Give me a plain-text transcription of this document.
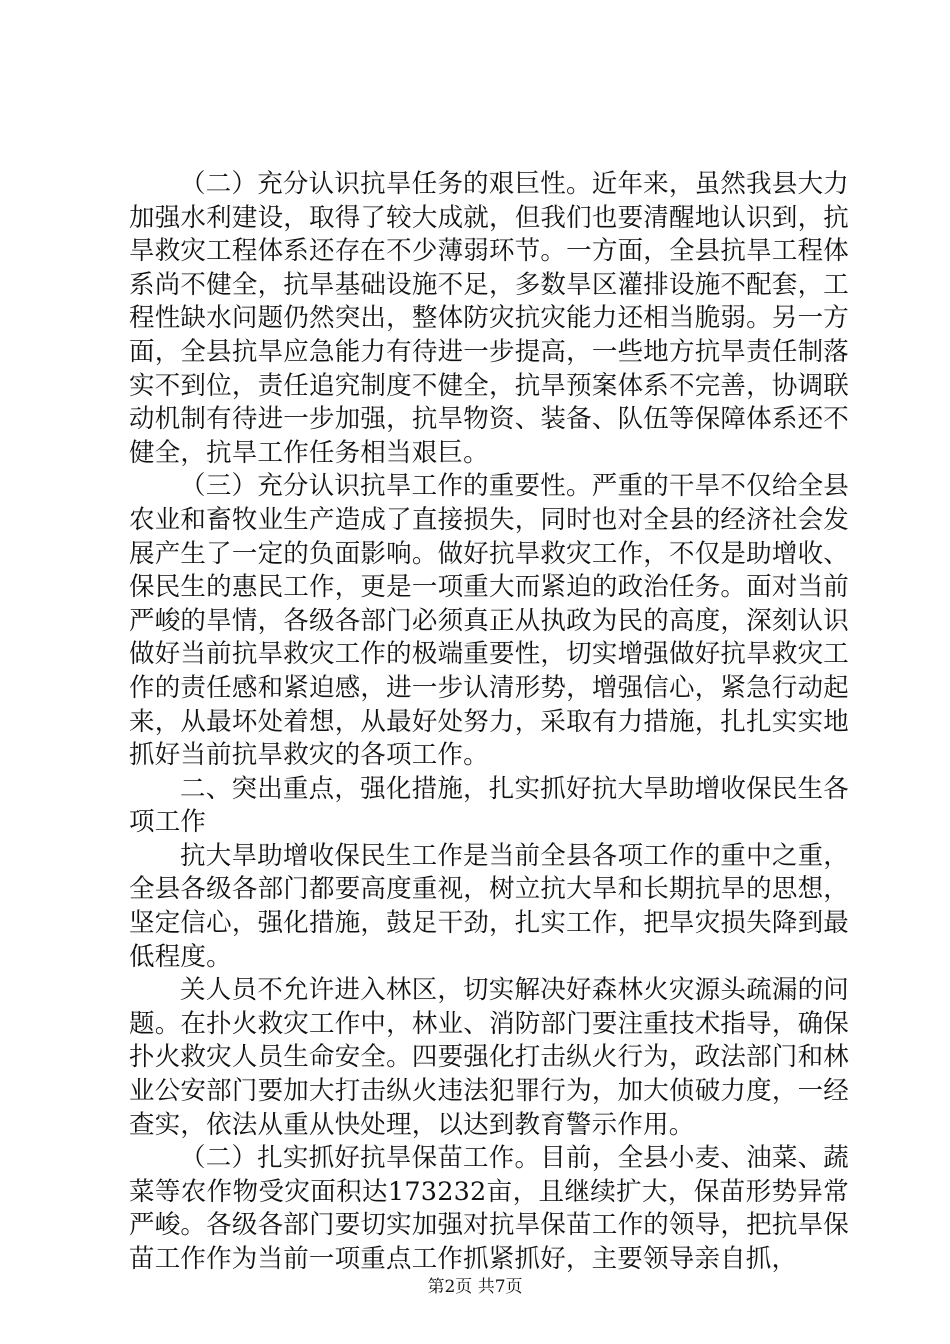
（二）充分认识抗旱任务的艰巨性。近年来，虽然我县大力加强水利建设，取得了较大成就，但我们也要清醒地认识到，抗旱救灾工程体系还存在不少薄弱环节。一方面，全县抗旱工程体系尚不健全，抗旱基础设施不足，多数旱区灌排设施不配套，工程性缺水问题仍然突出，整体防灾抗灾能力还相当脆弱。另一方面，全县抗旱应急能力有待进一步提高，一些地方抗旱责任制落实不到位，责任追究制度不健全，抗旱预案体系不完善，协调联动机制有待进一步加强，抗旱物资、装备、队伍等保障体系还不健全，抗旱工作任务相当艰巨。

（三）充分认识抗旱工作的重要性。严重的干旱不仅给全县农业和畜牧业生产造成了直接损失，同时也对全县的经济社会发展产生了一定的负面影响。做好抗旱救灾工作，不仅是助增收、保民生的惠民工作，更是一项重大而紧迫的政治任务。面对当前严峻的旱情，各级各部门必须真正从执政为民的高度，深刻认识做好当前抗旱救灾工作的极端重要性，切实增强做好抗旱救灾工作的责任感和紧迫感，进一步认清形势，增强信心，紧急行动起来，从最坏处着想，从最好处努力，采取有力措施，扎扎实实地抓好当前抗旱救灾的各项工作。

二、突出重点，强化措施，扎实抓好抗大旱助增收保民生各项工作

抗大旱助增收保民生工作是当前全县各项工作的重中之重，全县各级各部门都要高度重视，树立抗大旱和长期抗旱的思想，坚定信心，强化措施，鼓足干劲，扎实工作，把旱灾损失降到最低程度。

关人员不允许进入林区，切实解决好森林火灾源头疏漏的问题。在扑火救灾工作中，林业、消防部门要注重技术指导，确保扑火救灾人员生命安全。四要强化打击纵火行为，政法部门和林业公安部门要加大打击纵火违法犯罪行为，加大侦破力度，一经查实，依法从重从快处理，以达到教育警示作用。

（二）扎实抓好抗旱保苗工作。目前，全县小麦、油菜、蔬菜等农作物受灾面积达173232亩，且继续扩大，保苗形势异常严峻。各级各部门要切实加强对抗旱保苗工作的领导，把抗旱保苗工作作为当前一项重点工作抓紧抓好，主要领导亲自抓，

第2页 共7页
